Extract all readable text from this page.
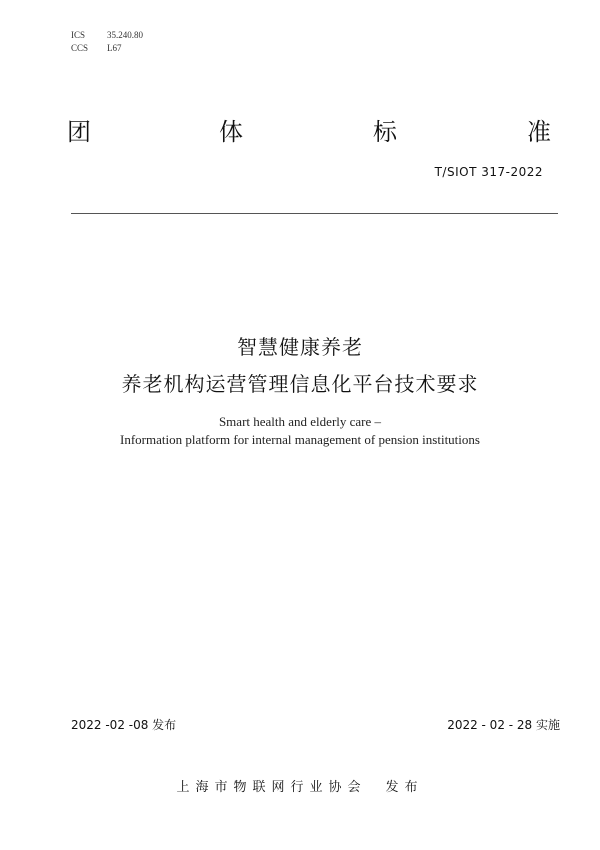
ICS 35.240.80
CCS L67
团	体	标	准
T/SIOT 317-2022
智慧健康养老
养老机构运营管理信息化平台技术要求
Smart health and elderly care –
Information platform for internal management of pension institutions
2022 -02 -08 发布	2022 - 02 - 28 实施
上海市物联网行业协会　发布
